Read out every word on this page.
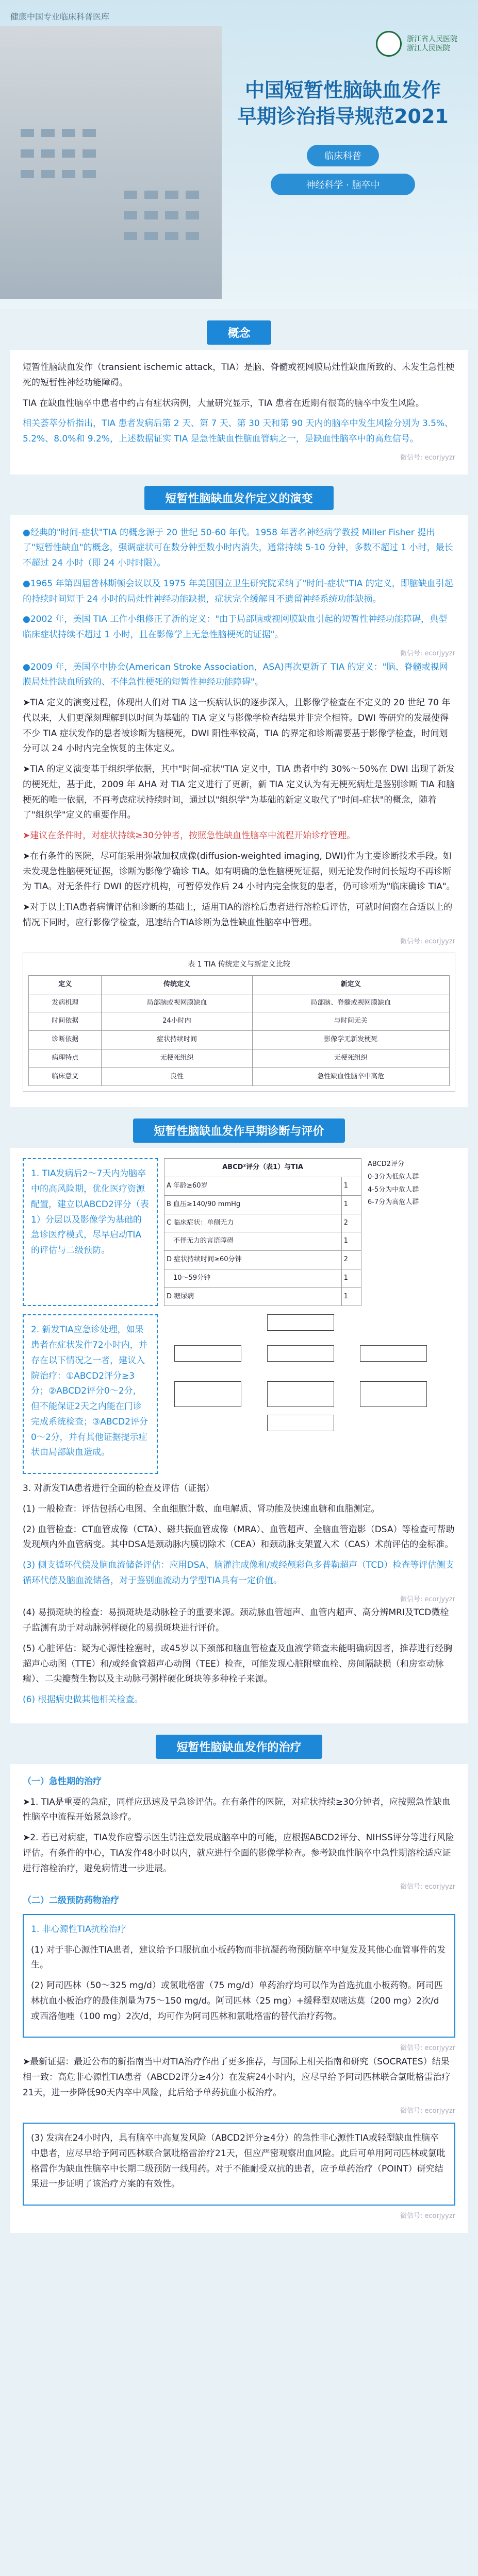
健康中国专业临床科普医库
浙江省人民医院
浙江人民医院
中国短暂性脑缺血发作
早期诊治指导规范2021
临床科普
神经科学 · 脑卒中
概念

短暂性脑缺血发作（transient ischemic attack，TIA）是脑、脊髓或视网膜局灶性缺血所致的、未发生急性梗死的短暂性神经功能障碍。

TIA 在缺血性脑卒中患者中约占有症状病例，大量研究显示，TIA 患者在近期有很高的脑卒中发生风险。

相关荟萃分析指出，TIA 患者发病后第 2 天、第 7 天、第 30 天和第 90 天内的脑卒中发生风险分别为 3.5%、5.2%、8.0%和 9.2%，上述数据证实 TIA 是急性缺血性脑血管病之一，是缺血性脑卒中的高危信号。

微信号: ecorjyyzr
短暂性脑缺血发作定义的演变

●经典的"时间-症状"TIA 的概念源于 20 世纪 50-60 年代。1958 年著名神经病学教授 Miller Fisher 提出了"短暂性缺血"的概念，强调症状可在数分钟至数小时内消失，通常持续 5-10 分钟，多数不超过 1 小时，最长不超过 24 小时（即 24 小时时限）。

●1965 年第四届普林斯顿会议以及 1975 年美国国立卫生研究院采纳了"时间-症状"TIA 的定义，即脑缺血引起的持续时间短于 24 小时的局灶性神经功能缺损，症状完全缓解且不遗留神经系统功能缺损。

●2002 年，美国 TIA 工作小组修正了新的定义："由于局部脑或视网膜缺血引起的短暂性神经功能障碍，典型临床症状持续不超过 1 小时，且在影像学上无急性脑梗死的证据"。

微信号: ecorjyyzr

●2009 年，美国卒中协会(American Stroke Association，ASA)再次更新了 TIA 的定义："脑、脊髓或视网膜局灶性缺血所致的、不伴急性梗死的短暂性神经功能障碍"。

➤TIA 定义的演变过程，体现出人们对 TIA 这一疾病认识的逐步深入，且影像学检查在不定义的 20 世纪 70 年代以来，人们更深刻理解到以时间为基础的 TIA 定义与影像学检查结果并非完全相符。DWI 等研究的发展使得不少 TIA 症状发作的患者被诊断为脑梗死，DWI 阳性率较高，TIA 的界定和诊断需要基于影像学检查，时间划分可以 24 小时内完全恢复的主体定义。

➤TIA 的定义演变基于组织学依据，其中"时间-症状"TIA 定义中，TIA 患者中约 30%～50%在 DWI 出现了新发的梗死灶，基于此，2009 年 AHA 对 TIA 定义进行了更新，新 TIA 定义认为有无梗死病灶是鉴别诊断 TIA 和脑梗死的唯一依据，不再考虑症状持续时间，通过以"组织学"为基础的新定义取代了"时间-症状"的概念，随着了"组织学"定义的重要作用。

➤建议在条件时，对症状持续≥30分钟者，按照急性缺血性脑卒中流程开始诊疗管理。

➤在有条件的医院，尽可能采用弥散加权成像(diffusion-weighted imaging, DWI)作为主要诊断技术手段。如未发现急性脑梗死证据，诊断为影像学确诊 TIA。如有明确的急性脑梗死证据，则无论发作时间长短均不再诊断为 TIA。对无条件行 DWI 的医疗机构，可暂停发作后 24 小时内完全恢复的患者，仍可诊断为"临床确诊 TIA"。

➤对于以上TIA患者病情评估和诊断的基础上，适用TIA的溶栓后患者进行溶栓后评估，可就时间窗在合适以上的情况下同时，应行影像学检查，迅速结合TIA诊断为急性缺血性脑卒中管理。

微信号: ecorjyyzr
表 1 TIA 传统定义与新定义比较
定义	传统定义	新定义
发病机理	局部脑或视网膜缺血	局部脑、脊髓或视网膜缺血
时间依据	24小时内	与时间无关
诊断依据	症状持续时间	影像学无新发梗死
病理特点	无梗死组织	无梗死组织
临床意义	良性	急性缺血性脑卒中高危
短暂性脑缺血发作早期诊断与评价

1. TIA发病后2～7天内为脑卒中的高风险期，优化医疗资源配置，建立以ABCD2评分（表1）分层以及影像学为基础的急诊医疗模式，尽早启动TIA的评估与二级预防。

ABCD²评分（表1）与TIA	
A 年龄≥60岁	1
B 血压≥140/90 mmHg	1
C 临床症状：单侧无力	2
　不伴无力的言语障碍	1
D 症状持续时间≥60分钟	2
　10～59分钟	1
D 糖尿病	1
ABCD2评分
0-3分为低危人群
4-5分为中危人群
6-7分为高危人群

2. 新发TIA应急诊处理，如果患者在症状发作72小时内，并存在以下情况之一者，建议入院治疗：①ABCD2评分≥3分；②ABCD2评分0～2分，但不能保证2天之内能在门诊完成系统检查；③ABCD2评分0～2分，并有其他证据提示症状由局部缺血造成。

3. 对新发TIA患者进行全面的检查及评估（证据）

(1) 一般检查：评估包括心电图、全血细胞计数、血电解质、肾功能及快速血糖和血脂测定。

(2) 血管检查：CT血管成像（CTA）、磁共振血管成像（MRA）、血管超声、全脑血管造影（DSA）等检查可帮助发现颅内外血管病变。其中DSA是颈动脉内膜切除术（CEA）和颈动脉支架置入术（CAS）术前评估的金标准。

(3) 侧支循环代偿及脑血流储备评估：应用DSA、脑灌注成像和/或经颅彩色多普勒超声（TCD）检查等评估侧支循环代偿及脑血流储备，对于鉴别血流动力学型TIA具有一定价值。

微信号: ecorjyyzr

(4) 易损斑块的检查：易损斑块是动脉栓子的重要来源。颈动脉血管超声、血管内超声、高分辨MRI及TCD微栓子监测有助于对动脉粥样硬化的易损斑块进行评价。

(5) 心脏评估：疑为心源性栓塞时，或45岁以下颈部和脑血管检查及血液学筛查未能明确病因者，推荐进行经胸超声心动图（TTE）和/或经食管超声心动图（TEE）检查，可能发现心脏附壁血栓、房间隔缺损（和房室动脉瘤）、二尖瓣赘生物以及主动脉弓粥样硬化斑块等多种栓子来源。

(6) 根据病史做其他相关检查。

短暂性脑缺血发作的治疗

（一）急性期的治疗

➤1. TIA是重要的急症，同样应迅速及早急诊评估。在有条件的医院，对症状持续≥30分钟者，应按照急性缺血性脑卒中流程开始紧急诊疗。

➤2. 若已对病症，TIA发作应警示医生请注意发展成脑卒中的可能，应根据ABCD2评分、NIHSS评分等进行风险评估。有条件的中心，TIA发作48小时以内，就应进行全面的影像学检查。参考缺血性脑卒中急性期溶栓适应证进行溶栓治疗，避免病情进一步进展。

微信号: ecorjyyzr

（二）二级预防药物治疗

1. 非心源性TIA抗栓治疗

(1) 对于非心源性TIA患者，建议给予口服抗血小板药物而非抗凝药物预防脑卒中复发及其他心血管事件的发生。

(2) 阿司匹林（50～325 mg/d）或氯吡格雷（75 mg/d）单药治疗均可以作为首选抗血小板药物。阿司匹林抗血小板治疗的最佳剂量为75～150 mg/d。阿司匹林（25 mg）+缓释型双嘧达莫（200 mg）2次/d或西洛他唑（100 mg）2次/d，均可作为阿司匹林和氯吡格雷的替代治疗药物。

微信号: ecorjyyzr

➤最新证据：最近公布的新指南当中对TIA治疗作出了更多推荐，与国际上相关指南和研究（SOCRATES）结果相一致：高危非心源性TIA患者（ABCD2评分≥4分）在发病24小时内，应尽早给予阿司匹林联合氯吡格雷治疗21天，进一步降低90天内卒中风险，此后给予单药抗血小板治疗。

微信号: ecorjyyzr

(3) 发病在24小时内，具有脑卒中高复发风险（ABCD2评分≥4分）的急性非心源性TIA或轻型缺血性脑卒中患者，应尽早给予阿司匹林联合氯吡格雷治疗21天，但应严密观察出血风险。此后可单用阿司匹林或氯吡格雷作为缺血性脑卒中长期二级预防一线用药。对于不能耐受双抗的患者，应予单药治疗（POINT）研究结果进一步证明了该治疗方案的有效性。

微信号: ecorjyyzr
